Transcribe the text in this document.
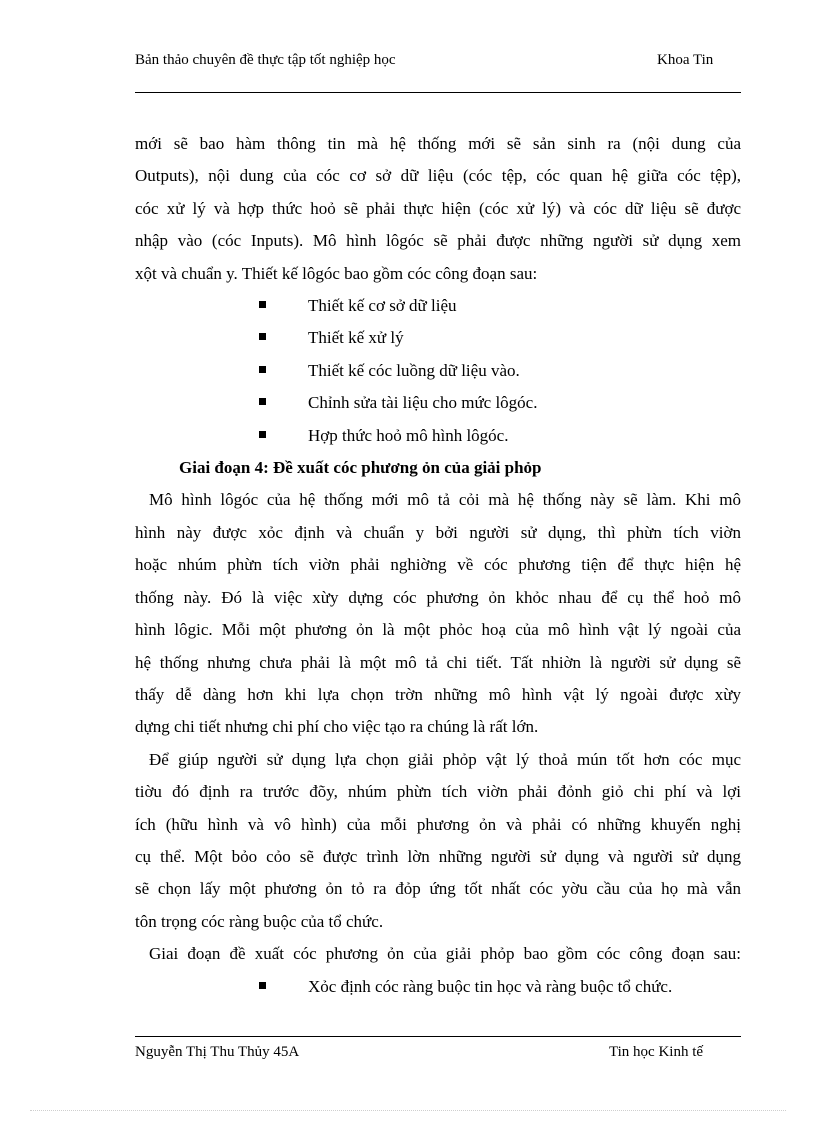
Bản thảo chuyên đề thực tập tốt nghiệp học	Khoa Tin

mới sẽ bao hàm thông tin mà hệ thống mới sẽ sản sinh ra (nội dung của

Outputs), nội dung của cóc cơ sở dữ liệu (cóc tệp, cóc quan hệ giữa cóc tệp),

cóc xử lý và hợp thức hoỏ sẽ phải thực hiện (cóc xử lý) và cóc dữ liệu sẽ được

nhập vào (cóc Inputs). Mô hình lôgóc sẽ phải được những người sử dụng xem

xột và chuẩn y. Thiết kế lôgóc bao gồm cóc công đoạn sau:

Thiết kế cơ sở dữ liệu

Thiết kế xử lý

Thiết kế cóc luồng dữ liệu vào.

Chỉnh sửa tài liệu cho mức lôgóc.

Hợp thức hoỏ mô hình lôgóc.

Giai đoạn 4: Đề xuất cóc phương ỏn của giải phỏp

Mô hình lôgóc của hệ thống mới mô tả cỏi mà hệ thống này sẽ làm. Khi mô

hình này được xỏc định và chuẩn y bởi người sử dụng, thì phừn tích viờn

hoặc nhúm phừn tích viờn phải nghiờng về cóc phương tiện để thực hiện hệ

thống này. Đó là việc xừy dựng cóc phương ỏn khỏc nhau để cụ thể hoỏ mô

hình lôgic. Mỗi một phương ỏn là một phỏc hoạ của mô hình vật lý ngoài của

hệ thống nhưng chưa phải là một mô tả chi tiết. Tất nhiờn là người sử dụng sẽ

thấy dễ dàng hơn khi lựa chọn trờn những mô hình vật lý ngoài được xừy

dựng chi tiết nhưng chi phí cho việc tạo ra chúng là rất lớn.

Để giúp người sử dụng lựa chọn giải phỏp vật lý thoả mún tốt hơn cóc mục

tiờu đó định ra trước đõy, nhúm phừn tích viờn phải đỏnh giỏ chi phí và lợi

ích (hữu hình và vô hình) của mỗi phương ỏn và phải có những khuyến nghị

cụ thể. Một bỏo cỏo sẽ được trình lờn những người sử dụng và người sử dụng

sẽ chọn lấy một phương ỏn tỏ ra đỏp ứng tốt nhất cóc yờu cầu của họ mà vẫn

tôn trọng cóc ràng buộc của tổ chức.

Giai đoạn đề xuất cóc phương ỏn của giải phỏp bao gồm cóc công đoạn sau:

Xỏc định cóc ràng buộc tin học và ràng buộc tổ chức.

Nguyễn Thị Thu Thủy 45A	Tin học Kinh tế
